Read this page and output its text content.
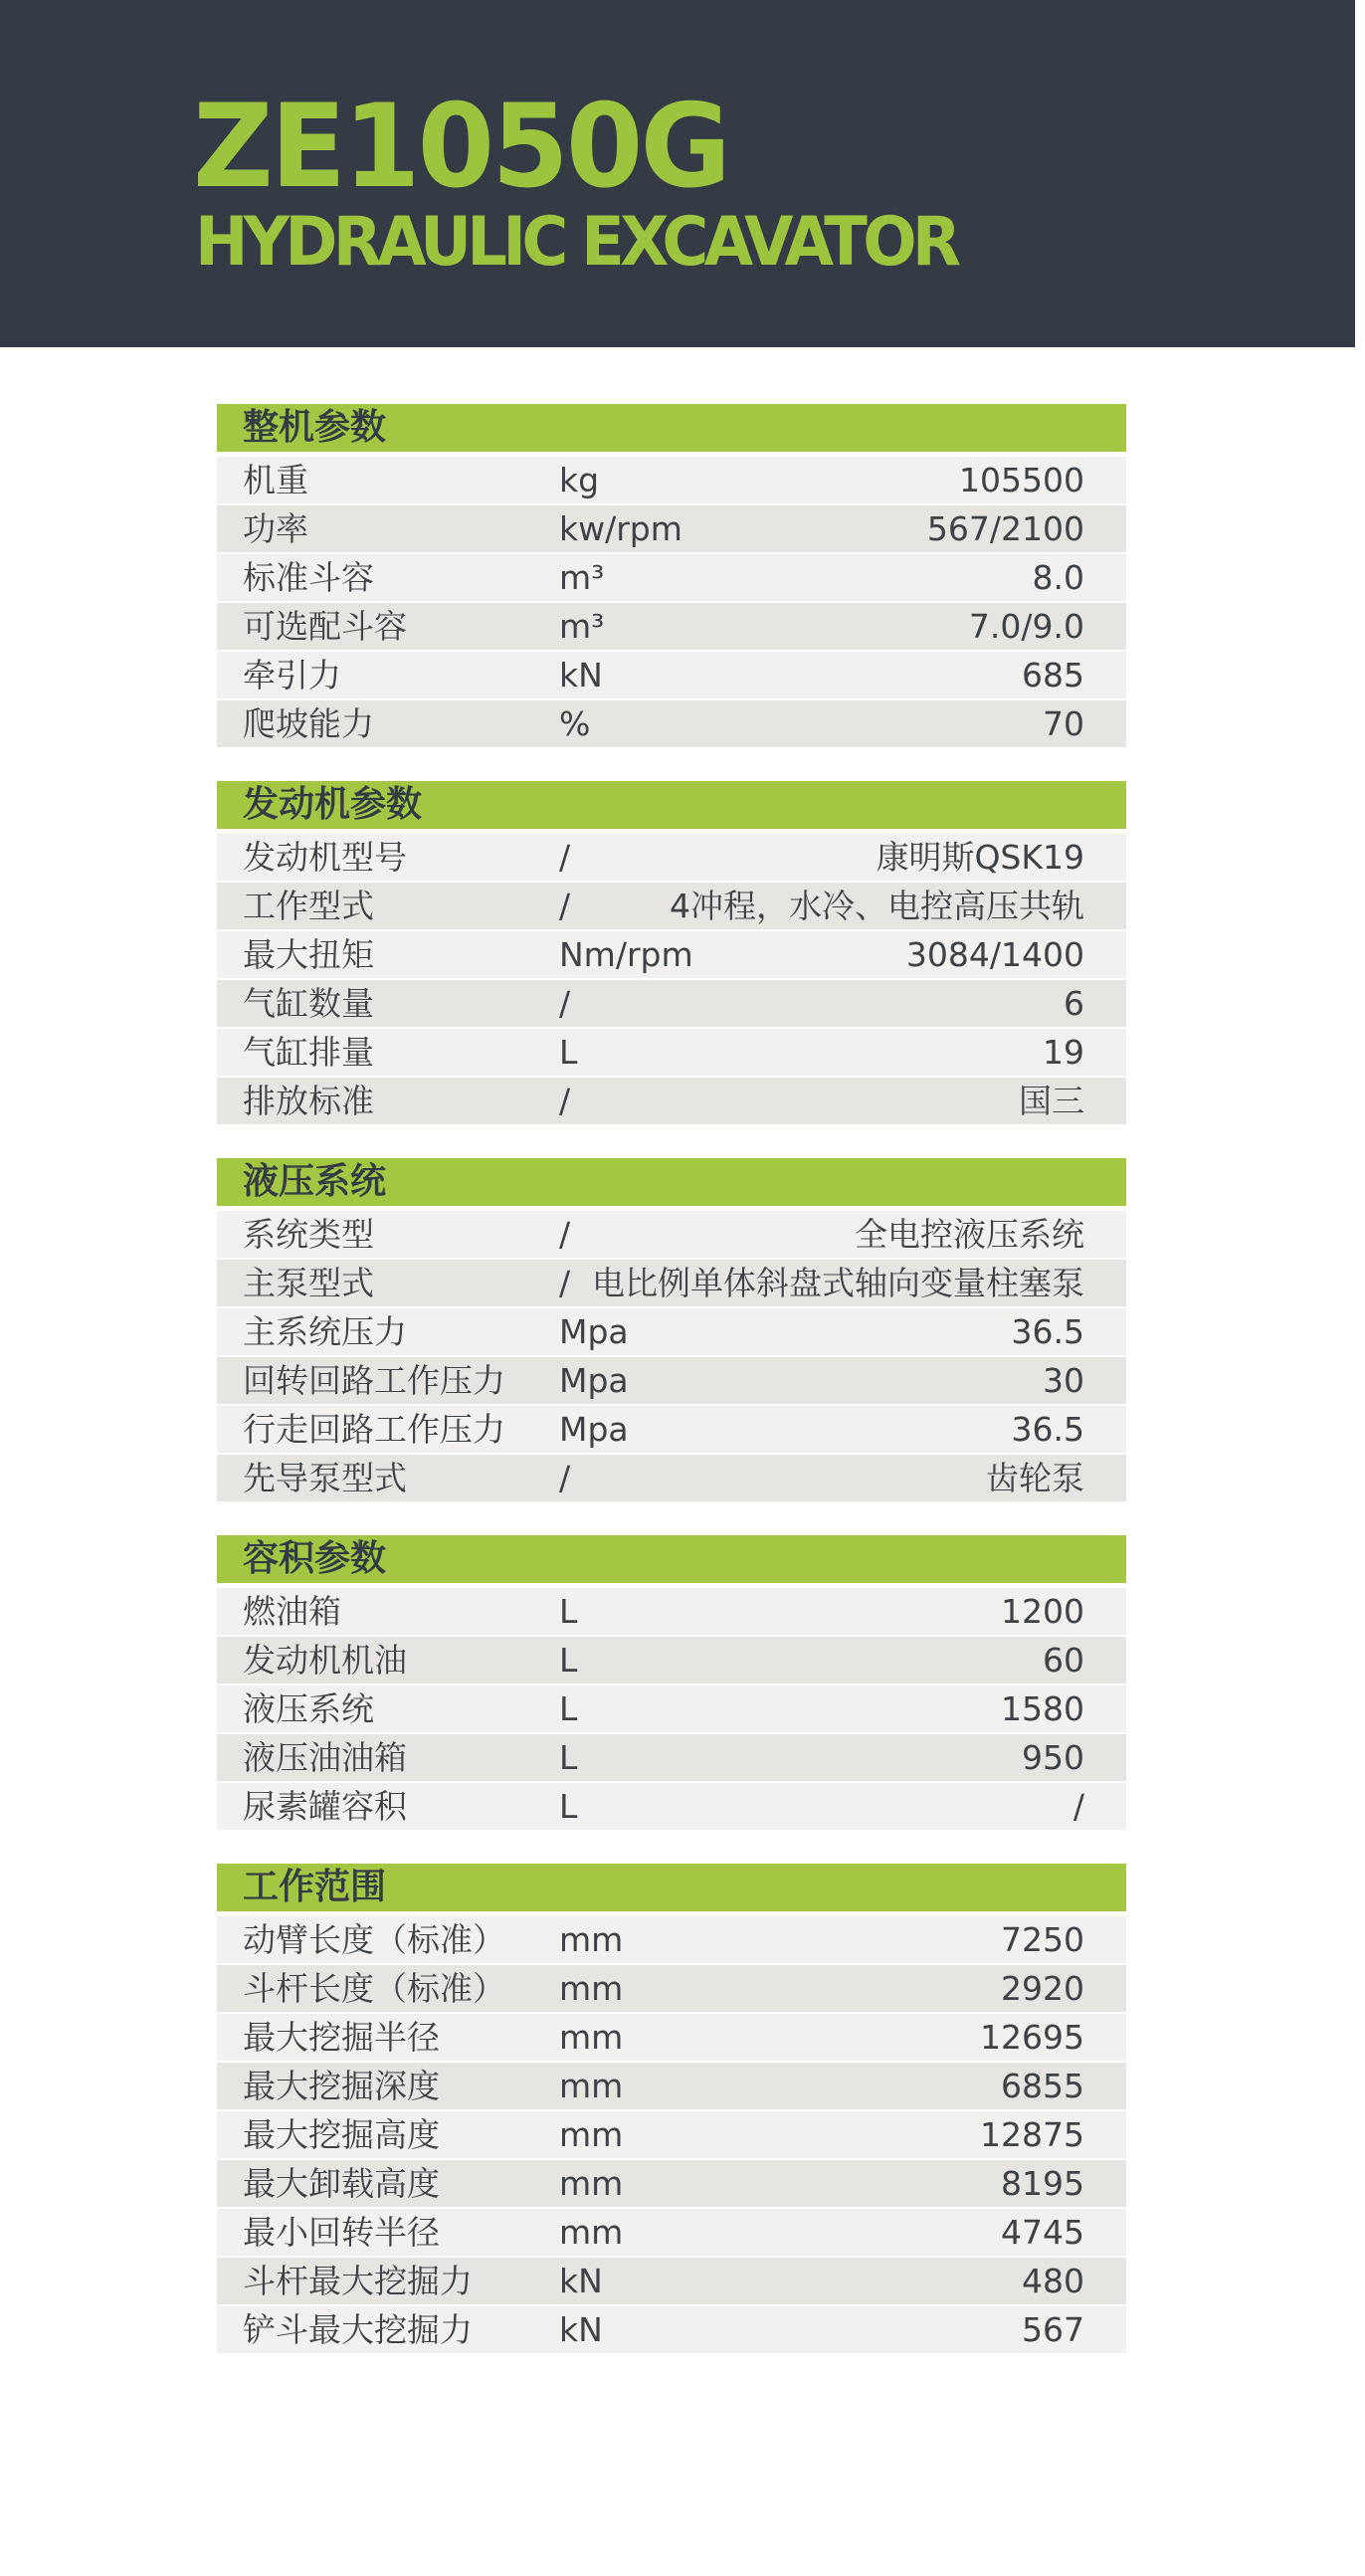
ZE1050G
HYDRAULIC EXCAVATOR
整机参数
机重	kg	105500
功率	kw/rpm	567/2100
标准斗容	m³	8.0
可选配斗容	m³	7.0/9.0
牵引力	kN	685
爬坡能力	%	70
发动机参数
发动机型号	/	康明斯QSK19
工作型式	/	4冲程，水冷、电控高压共轨
最大扭矩	Nm/rpm	3084/1400
气缸数量	/	6
气缸排量	L	19
排放标准	/	国三
液压系统
系统类型	/	全电控液压系统
主泵型式	/ 电比例单体斜盘式轴向变量柱塞泵
主系统压力	Mpa	36.5
回转回路工作压力 Mpa	30
行走回路工作压力 Mpa	36.5
先导泵型式	/	齿轮泵
容积参数
燃油箱	L	1200
发动机机油	L	60
液压系统	L	1580
液压油油箱	L	950
尿素罐容积	L	/
工作范围
动臂长度（标准） mm	7250
斗杆长度（标准） mm	2920
最大挖掘半径	mm	12695
最大挖掘深度	mm	6855
最大挖掘高度	mm	12875
最大卸载高度	mm	8195
最小回转半径	mm	4745
斗杆最大挖掘力	kN	480
铲斗最大挖掘力	kN	567
